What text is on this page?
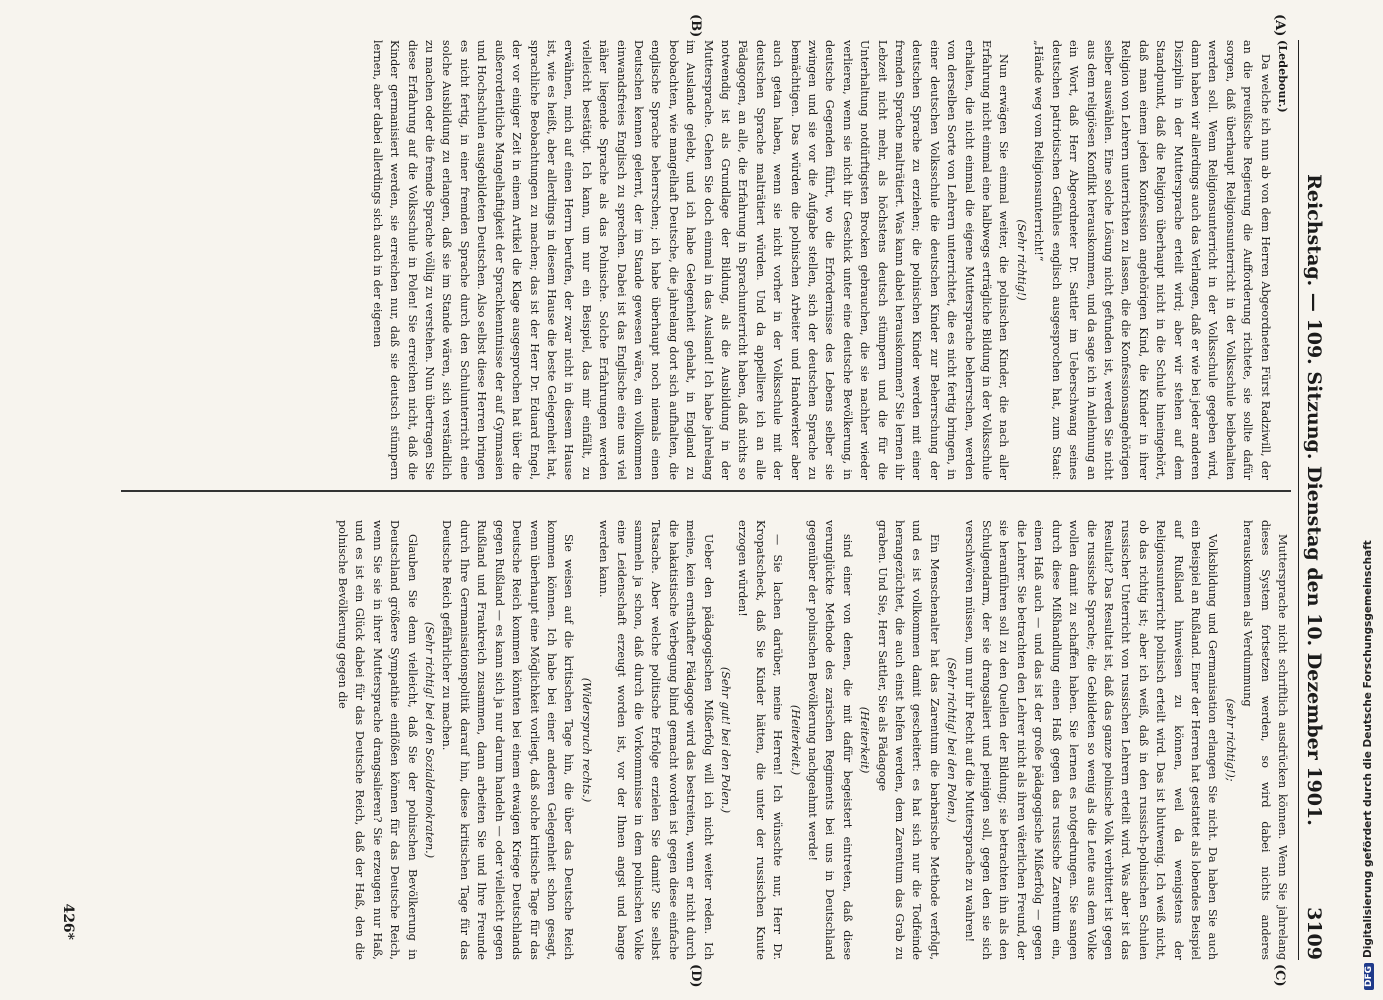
Reichstag. — 109. Sitzung. Dienstag den 10. Dezember 1901.
3109
(A)
(B)
(C)
(D)

(Ledebour.)

Da welche ich nun ab von dem Herren Abgeordneten Fürst Radziwill, der an die preußische Regierung die Aufforderung richtete, sie sollte dafür sorgen, daß überhaupt Religionsunterricht in der Volksschule beibehalten werden soll. Wenn Religionsunterricht in der Volksschule gegeben wird, dann haben wir allerdings auch das Verlangen, daß er wie bei jeder anderen Disziplin in der Muttersprache erteilt wird; aber wir stehen auf dem Standpunkt, daß die Religion überhaupt nicht in die Schule hineingehört, daß man einem jeden Konfession angehörigen Kind, die Kinder in ihrer Religion von Lehrern unterrichten zu lassen, die die Konfessionsangehörigen selber auswählen. Eine solche Lösung nicht gefunden ist, werden Sie nicht aus dem religiösen Konflikt herauskommen, und da sage ich in Anlehnung an ein Wort, daß Herr Abgeordneter Dr. Sattler im Ueberschwang seines deutschen patriotischen Gefühles englisch ausgesprochen hat, zum Staat: „Hände weg vom Religionsunterricht!“

(Sehr richtig!)

Nun erwägen Sie einmal weiter, die polnischen Kinder, die nach aller Erfahrung nicht einmal eine halbwegs erträgliche Bildung in der Volksschule erhalten, die nicht einmal die eigene Muttersprache beherrschen, werden von derselben Sorte von Lehrern unterrichtet, die es nicht fertig bringen, in einer deutschen Volksschule die deutschen Kinder zur Beherrschung der deutschen Sprache zu erziehen; die polnischen Kinder werden mit einer fremden Sprache malträtiert. Was kann dabei herauskommen? Sie lernen ihr Lebzeit nicht mehr, als höchstens deutsch stümpern und die für die Unterhaltung notdürftigsten Brocken gebrauchen, die sie nachher wieder verlieren, wenn sie nicht ihr Geschick unter eine deutsche Bevölkerung, in deutsche Gegenden führt, wo die Erfordernisse des Lebens selber sie zwingen und sie vor die Aufgabe stellen, sich der deutschen Sprache zu bemächtigen. Das würden die polnischen Arbeiter und Handwerker aber auch getan haben, wenn sie nicht vorher in der Volksschule mit der deutschen Sprache malträtiert würden. Und da appelliere ich an alle Pädagogen, an alle, die Erfahrung in Sprachunterricht haben, daß nichts so notwendig ist als Grundlage der Bildung, als die Ausbildung in der Muttersprache. Gehen Sie doch einmal in das Ausland! Ich habe jahrelang im Auslande gelebt, und ich habe Gelegenheit gehabt, in England zu beobachten, wie mangelhaft Deutsche, die jahrelang dort sich aufhalten, die englische Sprache beherrschen; ich habe überhaupt noch niemals einen Deutschen kennen gelernt, der im Stande gewesen wäre, ein vollkommen einwandsfreies Englisch zu sprechen. Dabei ist das Englische eine uns viel näher liegende Sprache als das Polnische. Solche Erfahrungen werden vielleicht bestätigt. Ich kann, um nur ein Beispiel, das mir einfällt, zu erwähnen, mich auf einen Herrn berufen, der zwar nicht in diesem Hause ist, wie es heißt, aber allerdings in diesem Hause die beste Gelegenheit hat, sprachliche Beobachtungen zu machen; das ist der Herr Dr. Eduard Engel, der vor einiger Zeit in einem Artikel die Klage ausgesprochen hat über die außerordentliche Mangelhaftigkeit der Sprachkenntnisse der auf Gymnasien und Hochschulen ausgebildeten Deutschen. Also selbst diese Herren bringen es nicht fertig, in einer fremden Sprache durch den Schulunterricht eine solche Ausbildung zu erlangen, daß sie im Stande wären, sich verständlich zu machen oder die fremde Sprache völlig zu verstehen. Nun übertragen Sie diese Erfahrung auf die Volksschule in Polen! Sie erreichen nicht, daß die Kinder germanisiert werden, sie erreichen nur, daß sie deutsch stümpern lernen, aber dabei allerdings sich auch in der eigenen

Muttersprache nicht schriftlich ausdrücken können. Wenn Sie jahrelang dieses System fortsetzen werden, so wird dabei nichts anderes herauskommen als Verdummung

(sehr richtig!);

Volksbildung und Germanisation erlangen Sie nicht. Da haben Sie auch ein Beispiel an Rußland. Einer der Herren hat gestattet als lobendes Beispiel auf Rußland hinweisen zu können, weil da wenigstens der Religionsunterricht polnisch erteilt wird. Das ist blutwenig. Ich weiß nicht, ob das richtig ist; aber ich weiß, daß in den russisch-polnischen Schulen russischer Unterricht von russischen Lehrern erteilt wird. Was aber ist das Resultat? Das Resultat ist, daß das ganze polnische Volk verbittert ist gegen die russische Sprache; die Gebildeten so wenig als die Leute aus dem Volke wollen damit zu schaffen haben. Sie lernen es notgedrungen. Sie sangen durch diese Mißhandlung einen Haß gegen das russische Zarentum ein, einen Haß auch — und das ist der große pädagogische Mißerfolg — gegen die Lehrer. Sie betrachten den Lehrer nicht als ihren väterlichen Freund, der sie heranführen soll zu den Quellen der Bildung; sie betrachten ihn als den Schulgendarm, der sie drangsaliert und peinigen soll, gegen den sie sich verschwören müssen, um nur ihr Recht auf die Muttersprache zu wahren!

(Sehr richtig! bei den Polen.)

Ein Menschenalter hat das Zarentum die barbarische Methode verfolgt, und es ist vollkommen damit gescheitert: es hat sich nur die Todfeinde herangezüchtet, die auch einst helfen werden, dem Zarentum das Grab zu graben. Und Sie, Herr Sattler, Sie als Pädagoge

(Heiterkeit)

sind einer von denen, die mit dafür begeistert eintreten, daß diese verunglückte Methode des zarischen Regiments bei uns in Deutschland gegenüber der polnischen Bevölkerung nachgeahmt werde!

(Heiterkeit.)

— Sie lachen darüber, meine Herren! Ich wünschte nur, Herr Dr. Kropatscheck, daß Sie Kinder hätten, die unter der russischen Knute erzogen würden!

(Sehr gut! bei den Polen.)

Ueber den pädagogischen Mißerfolg will ich nicht weiter reden. Ich meine, kein ernsthafter Pädagoge wird das bestreiten, wenn er nicht durch die hakatistische Verbegung blind gemacht worden ist gegen diese einfache Tatsache. Aber welche politische Erfolge erzielen Sie damit? Sie selbst sammeln ja schon, daß durch die Vorkommnisse in dem polnischen Volke eine Leidenschaft erzeugt worden ist, vor der Ihnen angst und bange werden kann.

(Widerspruch rechts.)

Sie weisen auf die kritischen Tage hin, die über das Deutsche Reich kommen können. Ich habe bei einer anderen Gelegenheit schon gesagt, wenn überhaupt eine Möglichkeit vorliegt, daß solche kritische Tage für das Deutsche Reich kommen könnten bei einem etwaigen Kriege Deutschlands gegen Rußland — es kann sich ja nur darum handeln — oder vielleicht gegen Rußland und Frankreich zusammen, dann arbeiten Sie und Ihre Freunde durch Ihre Germanisationspolitik darauf hin, diese kritischen Tage für das Deutsche Reich gefährlicher zu machen.

(Sehr richtig! bei den Sozialdemokraten.)

Glauben Sie denn vielleicht, daß Sie der polnischen Bevölkerung in Deutschland größere Sympathie einflößen können für das Deutsche Reich, wenn Sie sie in ihrer Muttersprache drangsalieren? Sie erzeugen nur Haß, und es ist ein Glück dabei für das Deutsche Reich, daß der Haß, den die polnische Bevölkerung gegen die

426*
DFGDigitalisierung gefördert durch die Deutsche Forschungsgemeinschaft
